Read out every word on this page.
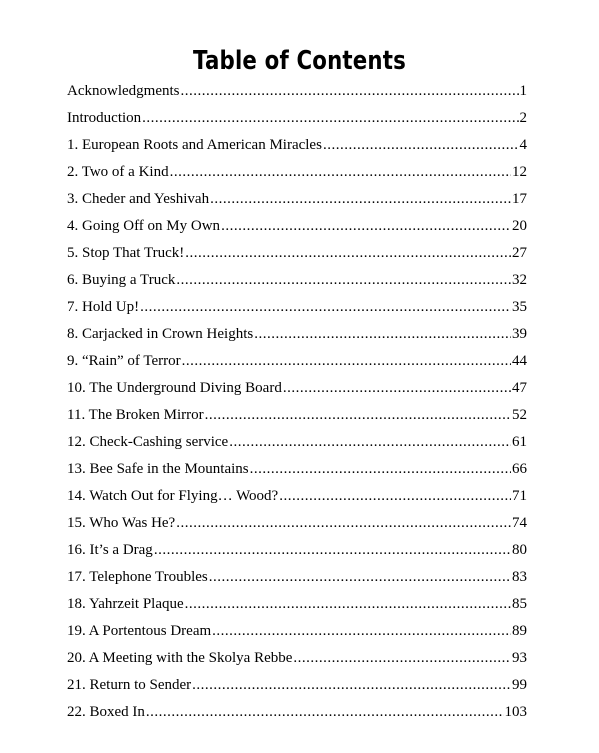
Table of Contents
Acknowledgments .....	1
Introduction .....	2
1. European Roots and American Miracles .....	4
2. Two of a Kind .....	12
3. Cheder and Yeshivah .....	17
4. Going Off on My Own .....	20
5. Stop That Truck! .....	27
6. Buying a Truck .....	32
7. Hold Up! .....	35
8. Carjacked in Crown Heights .....	39
9. “Rain” of Terror .....	44
10. The Underground Diving Board .....	47
11. The Broken Mirror .....	52
12. Check-Cashing service .....	61
13. Bee Safe in the Mountains .....	66
14. Watch Out for Flying… Wood? .....	71
15. Who Was He? .....	74
16. It’s a Drag .....	80
17. Telephone Troubles .....	83
18. Yahrzeit Plaque .....	85
19. A Portentous Dream .....	89
20. A Meeting with the Skolya Rebbe .....	93
21. Return to Sender .....	99
22. Boxed In .....	103
